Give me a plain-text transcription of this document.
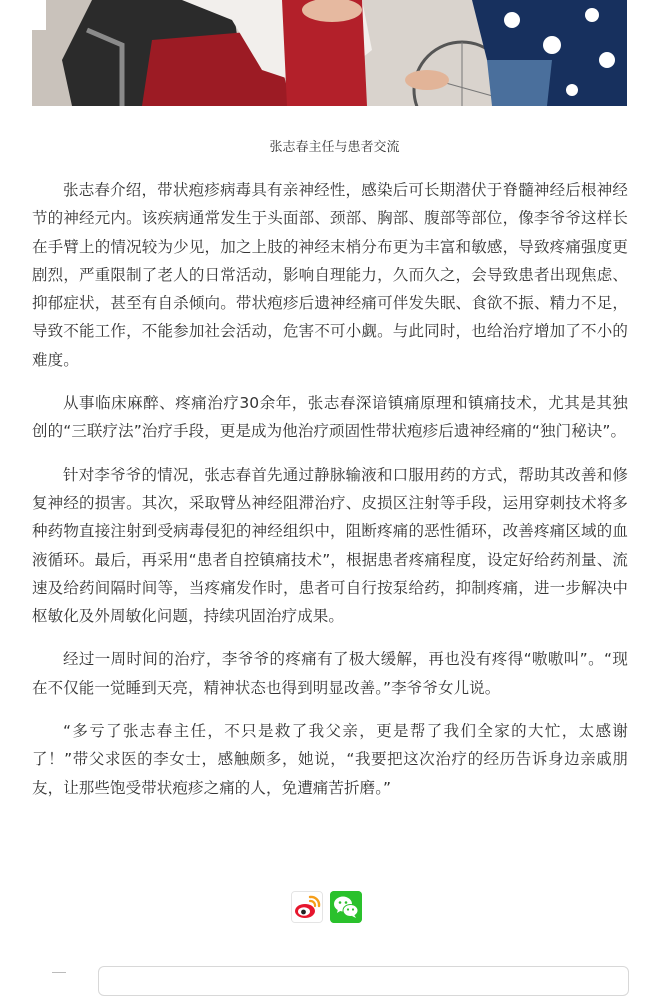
张志春主任与患者交流

张志春介绍，带状疱疹病毒具有亲神经性，感染后可长期潜伏于脊髓神经后根神经节的神经元内。该疾病通常发生于头面部、颈部、胸部、腹部等部位，像李爷爷这样长在手臂上的情况较为少见，加之上肢的神经末梢分布更为丰富和敏感，导致疼痛强度更剧烈，严重限制了老人的日常活动，影响自理能力，久而久之，会导致患者出现焦虑、抑郁症状，甚至有自杀倾向。带状疱疹后遗神经痛可伴发失眠、食欲不振、精力不足，导致不能工作，不能参加社会活动，危害不可小觑。与此同时，也给治疗增加了不小的难度。

从事临床麻醉、疼痛治疗30余年，张志春深谙镇痛原理和镇痛技术，尤其是其独创的“三联疗法”治疗手段，更是成为他治疗顽固性带状疱疹后遗神经痛的“独门秘诀”。

针对李爷爷的情况，张志春首先通过静脉输液和口服用药的方式，帮助其改善和修复神经的损害。其次，采取臂丛神经阻滞治疗、皮损区注射等手段，运用穿刺技术将多种药物直接注射到受病毒侵犯的神经组织中，阻断疼痛的恶性循环，改善疼痛区域的血液循环。最后，再采用“患者自控镇痛技术”，根据患者疼痛程度，设定好给药剂量、流速及给药间隔时间等，当疼痛发作时，患者可自行按泵给药，抑制疼痛，进一步解决中枢敏化及外周敏化问题，持续巩固治疗成果。

经过一周时间的治疗，李爷爷的疼痛有了极大缓解，再也没有疼得“嗷嗷叫”。“现在不仅能一觉睡到天亮，精神状态也得到明显改善。”李爷爷女儿说。

“多亏了张志春主任，不只是救了我父亲，更是帮了我们全家的大忙，太感谢了！”带父求医的李女士，感触颇多，她说，“我要把这次治疗的经历告诉身边亲戚朋友，让那些饱受带状疱疹之痛的人，免遭痛苦折磨。”
